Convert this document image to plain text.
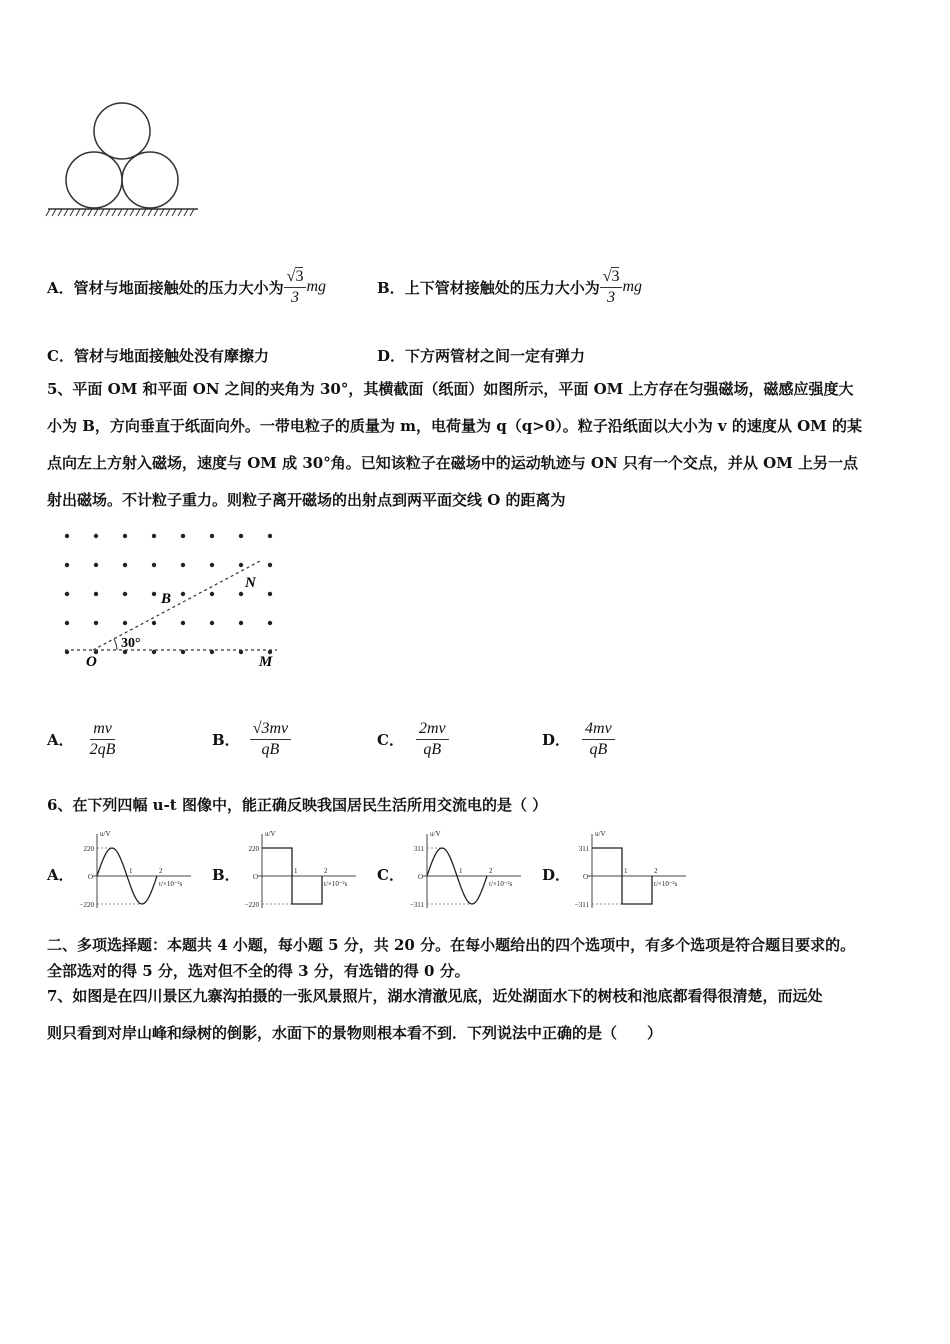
A． 管材与地面接触处的压力大小为 $\frac{√3}{3}$ mg	B． 上下管材接触处的压力大小为 $\frac{√3}{3}$ mg
C．管材与地面接触处没有摩擦力	D．下方两管材之间一定有弹力
5、平面 OM 和平面 ON 之间的夹角为 30°，其横截面（纸面）如图所示，平面 OM 上方存在匀强磁场，磁感应强度大
小为 B，方向垂直于纸面向外。一带电粒子的质量为 m，电荷量为 q（q>0）。粒子沿纸面以大小为 v 的速度从 OM 的某
点向左上方射入磁场，速度与 OM 成 30°角。已知该粒子在磁场中的运动轨迹与 ON 只有一个交点，并从 OM 上另一点
射出磁场。不计粒子重力。则粒子离开磁场的出射点到两平面交线 O 的距离为
B
N
30°
O	M
A． $\frac{mv}{2qB}$	B． $\frac{√3mv}{qB}$	C． $\frac{2mv}{qB}$	D． $\frac{4mv}{qB}$
6、在下列四幅 u-t 图像中，能正确反映我国居民生活所用交流电的是（ ）
A．
u/V
220
−220
O
1	2
t/×10⁻²s B．
u/V
220
−220
O
1	2
t/×10⁻²s C．
u/V
311
−311
O
1	2
t/×10⁻²s D．
u/V
311
−311
O
1	2
t/×10⁻²s
二、多项选择题：本题共 4 小题，每小题 5 分，共 20 分。在每小题给出的四个选项中，有多个选项是符合题目要求的。
全部选对的得 5 分，选对但不全的得 3 分，有选错的得 0 分。
7、如图是在四川景区九寨沟拍摄的一张风景照片，湖水清澈见底，近处湖面水下的树枝和池底都看得很清楚，而远处
则只看到对岸山峰和绿树的倒影，水面下的景物则根本看不到．下列说法中正确的是（　　）
